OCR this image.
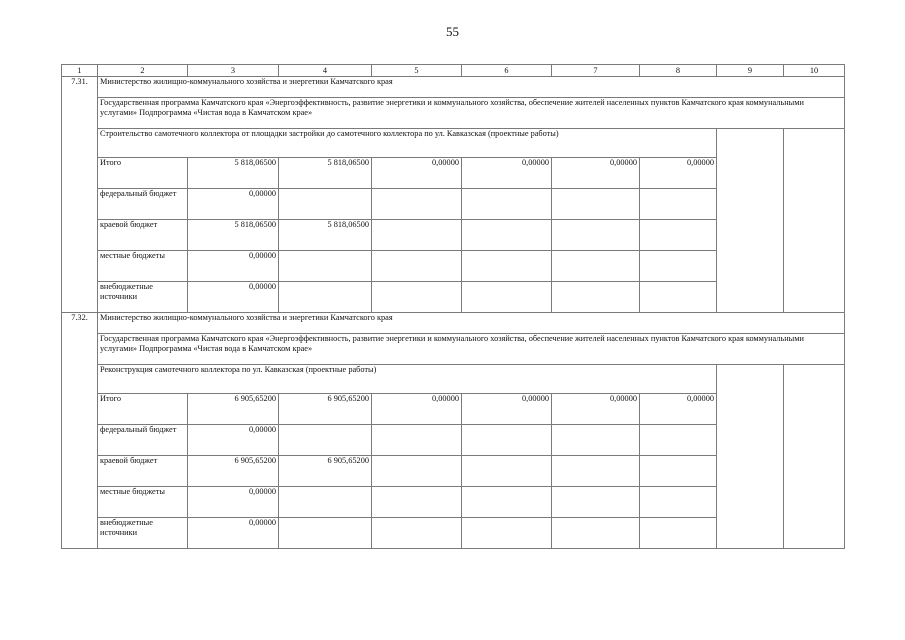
55
1	2	3	4	5	6	7	8	9	10
7.31.	Министерство жилищно-коммунального хозяйства и энергетики Камчатского края								
	Государственная программа Камчатского края «Энергоэффективность, развитие энергетики и коммунального хозяйства, обеспечение жителей населенных пунктов Камчатского края коммунальными услугами» Подпрограмма «Чистая вода в Камчатском крае»								
	Строительство самотечного коллектора от площадки застройки до самотечного коллектора по ул. Кавказская (проектные работы)								
	Итого	5 818,06500	5 818,06500	0,00000	0,00000	0,00000	0,00000		
	федеральный бюджет	0,00000							
	краевой бюджет	5 818,06500	5 818,06500						
	местные бюджеты	0,00000							
	внебюджетные источники	0,00000							
7.32.	Министерство жилищно-коммунального хозяйства и энергетики Камчатского края								
	Государственная программа Камчатского края «Энергоэффективность, развитие энергетики и коммунального хозяйства, обеспечение жителей населенных пунктов Камчатского края коммунальными услугами» Подпрограмма «Чистая вода в Камчатском крае»								
	Реконструкция самотечного коллектора по ул. Кавказская (проектные работы)								
	Итого	6 905,65200	6 905,65200	0,00000	0,00000	0,00000	0,00000		
	федеральный бюджет	0,00000							
	краевой бюджет	6 905,65200	6 905,65200						
	местные бюджеты	0,00000							
	внебюджетные источники	0,00000							
